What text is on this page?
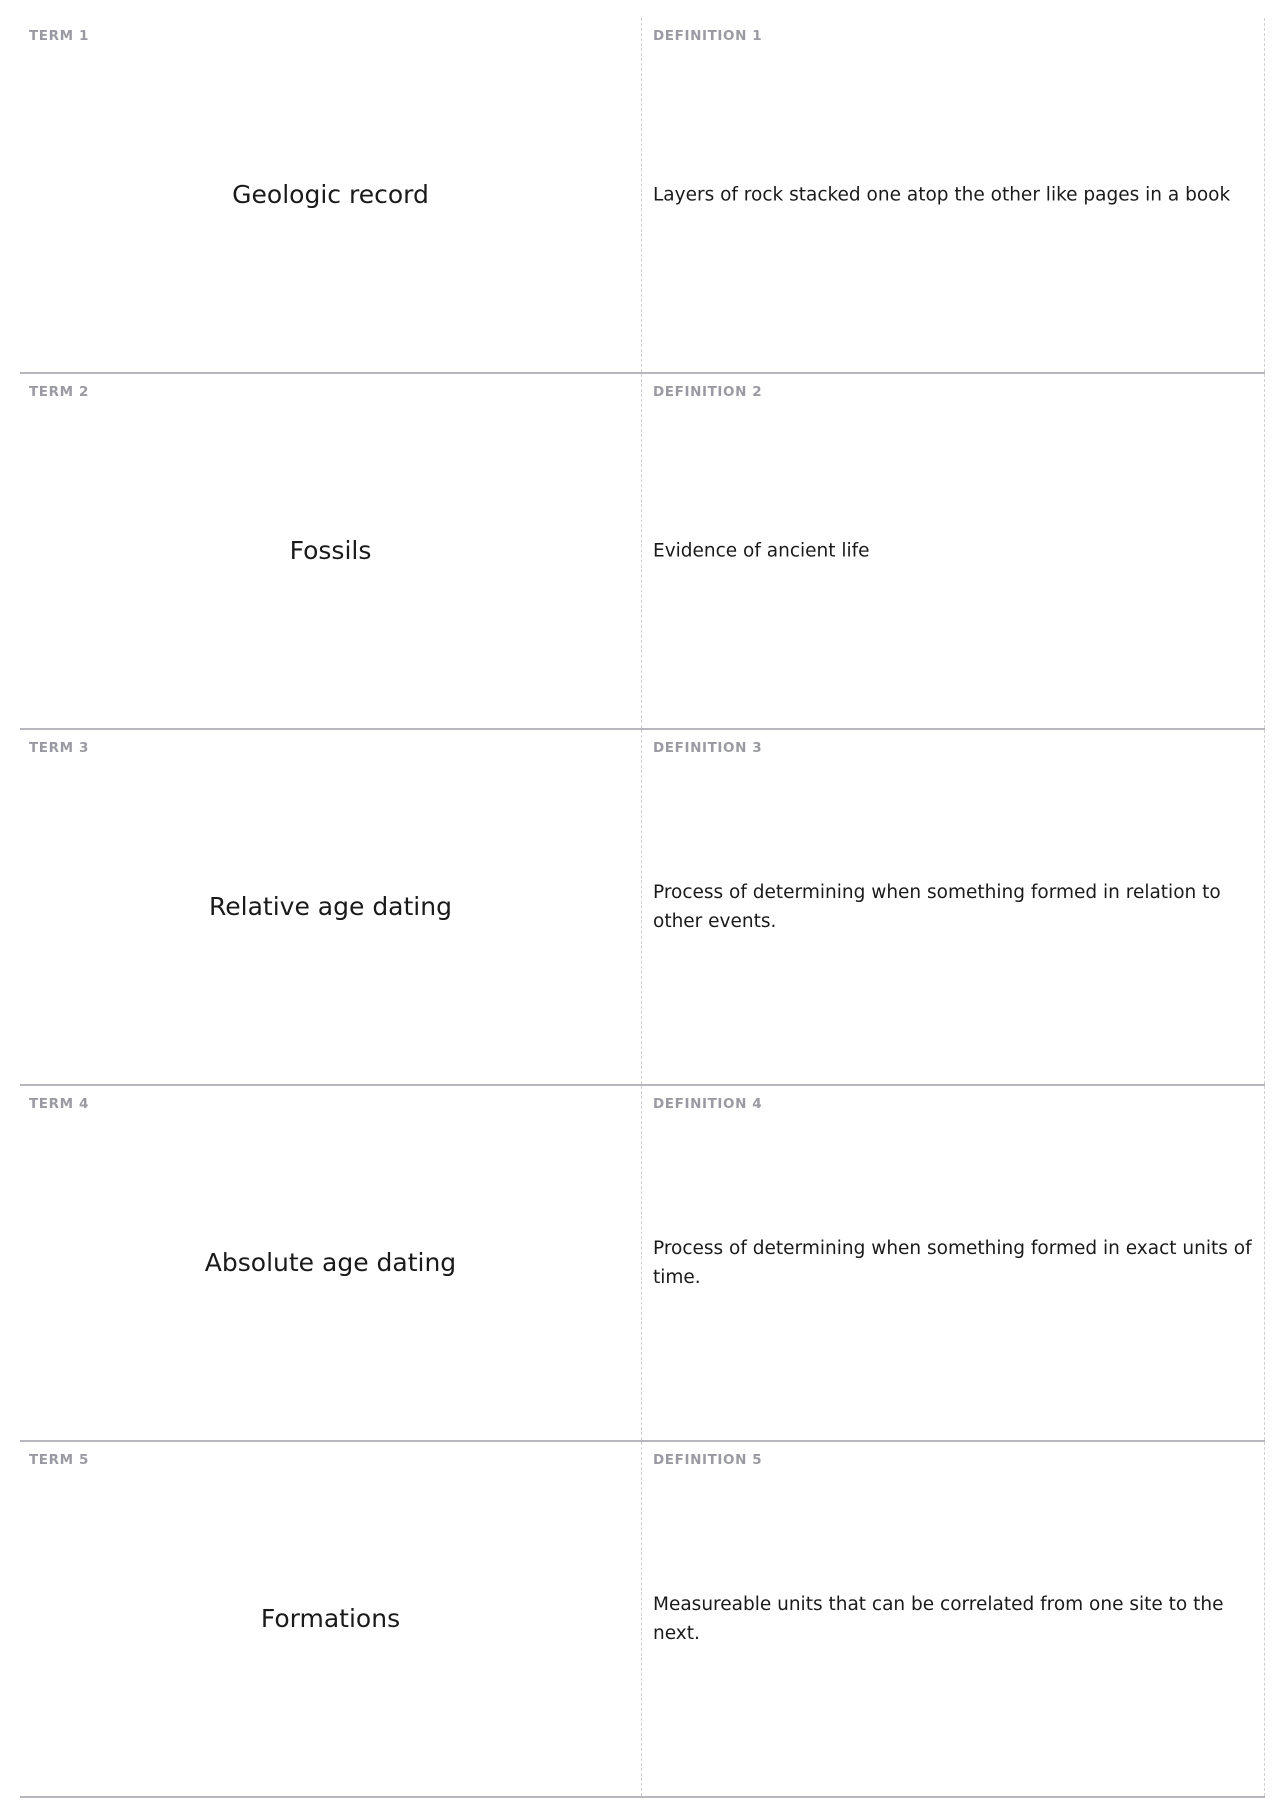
TERM 1
Geologic record
DEFINITION 1
Layers of rock stacked one atop the other like pages in a book
TERM 2
Fossils
DEFINITION 2
Evidence of ancient life
TERM 3
Relative age dating
DEFINITION 3
Process of determining when something formed in relation to other events.
TERM 4
Absolute age dating
DEFINITION 4
Process of determining when something formed in exact units of time.
TERM 5
Formations
DEFINITION 5
Measureable units that can be correlated from one site to the next.
